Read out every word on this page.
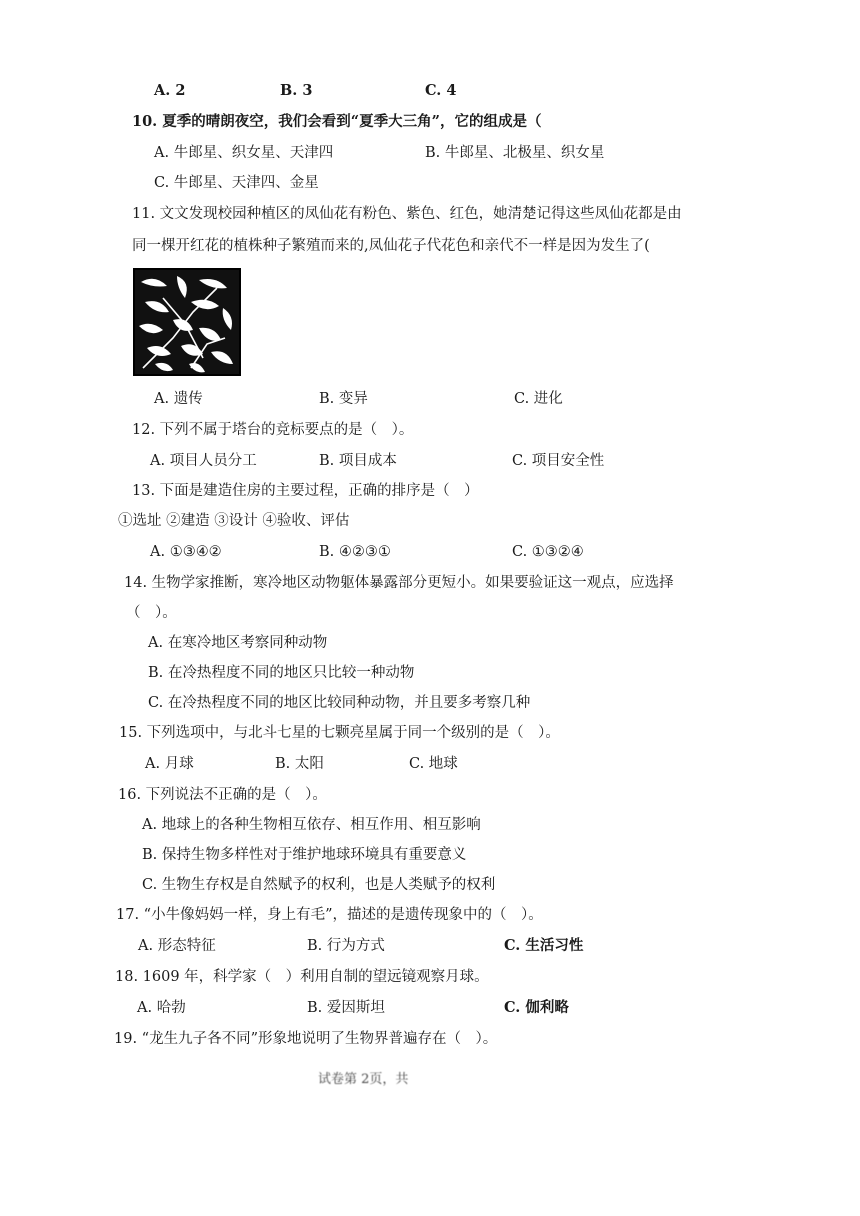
A. 2	B. 3	C. 4
10. 夏季的晴朗夜空，我们会看到“夏季大三角”，它的组成是（
A. 牛郎星、织女星、天津四	B. 牛郎星、北极星、织女星
C. 牛郎星、天津四、金星
11. 文文发现校园种植区的凤仙花有粉色、紫色、红色，她清楚记得这些凤仙花都是由
同一棵开红花的植株种子繁殖而来的,凤仙花子代花色和亲代不一样是因为发生了(
A. 遗传	B. 变异	C. 进化
12. 下列不属于塔台的竞标要点的是（　）。
A. 项目人员分工	B. 项目成本	C. 项目安全性
13. 下面是建造住房的主要过程，正确的排序是（　）
①选址 ②建造 ③设计 ④验收、评估
A. ①③④②	B. ④②③①	C. ①③②④
14. 生物学家推断，寒冷地区动物躯体暴露部分更短小。如果要验证这一观点，应选择
（　）。
A. 在寒冷地区考察同种动物
B. 在冷热程度不同的地区只比较一种动物
C. 在冷热程度不同的地区比较同种动物，并且要多考察几种
15. 下列选项中，与北斗七星的七颗亮星属于同一个级别的是（　）。
A. 月球	B. 太阳	C. 地球
16. 下列说法不正确的是（　）。
A. 地球上的各种生物相互依存、相互作用、相互影响
B. 保持生物多样性对于维护地球环境具有重要意义
C. 生物生存权是自然赋予的权利，也是人类赋予的权利
17. “小牛像妈妈一样，身上有毛”，描述的是遗传现象中的（　）。
A. 形态特征	B. 行为方式	C. 生活习性
18. 1609 年，科学家（　）利用自制的望远镜观察月球。
A. 哈勃	B. 爱因斯坦	C. 伽利略
19. “龙生九子各不同”形象地说明了生物界普遍存在（　）。
试卷第 2页，共
